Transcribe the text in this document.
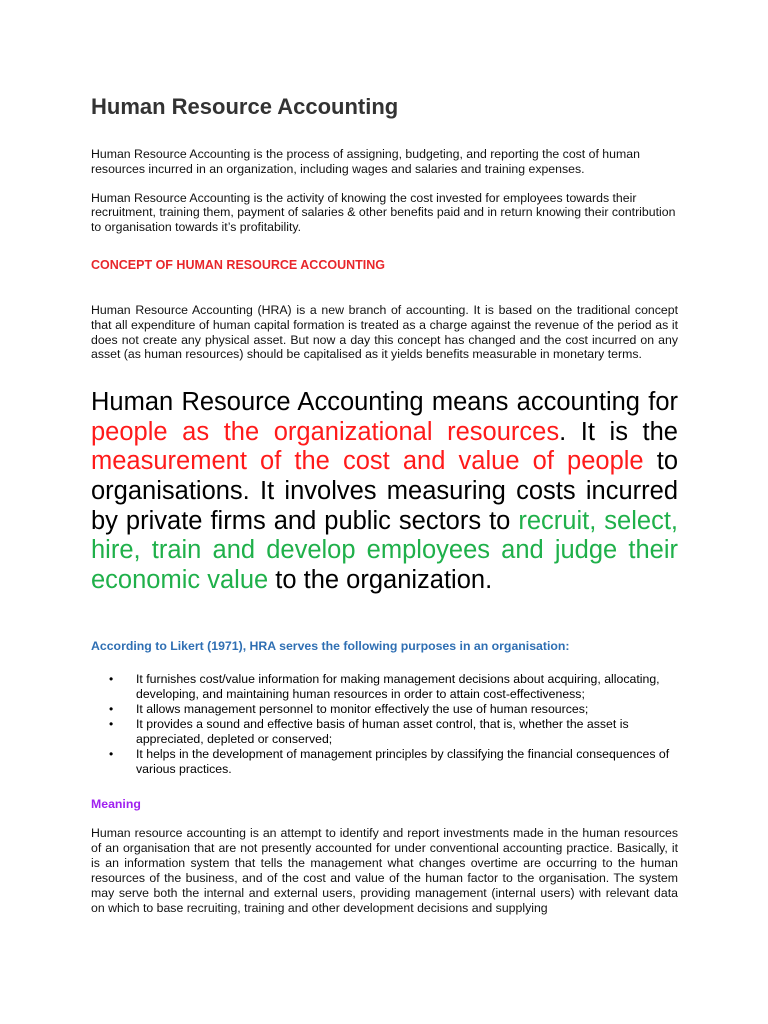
Human Resource Accounting

Human Resource Accounting is the process of assigning, budgeting, and reporting the cost of human resources incurred in an organization, including wages and salaries and training expenses.

Human Resource Accounting is the activity of knowing the cost invested for employees towards their recruitment, training them, payment of salaries & other benefits paid and in return knowing their contribution to organisation towards it’s profitability.

CONCEPT OF HUMAN RESOURCE ACCOUNTING

Human Resource Accounting (HRA) is a new branch of accounting. It is based on the traditional concept that all expenditure of human capital formation is treated as a charge against the revenue of the period as it does not create any physical asset. But now a day this concept has changed and the cost incurred on any asset (as human resources) should be capitalised as it yields benefits measurable in monetary terms.

Human Resource Accounting means accounting for people as the organizational resources. It is the measurement of the cost and value of people to organisations. It involves measuring costs incurred by private firms and public sectors to recruit, select, hire, train and develop employees and judge their economic value to the organization.

According to Likert (1971), HRA serves the following purposes in an organisation:
• It furnishes cost/value information for making management decisions about acquiring, allocating, developing, and maintaining human resources in order to attain cost-effectiveness;
• It allows management personnel to monitor effectively the use of human resources;
• It provides a sound and effective basis of human asset control, that is, whether the asset is appreciated, depleted or conserved;
• It helps in the development of management principles by classifying the financial consequences of various practices.
Meaning

Human resource accounting is an attempt to identify and report investments made in the human resources of an organisation that are not presently accounted for under conventional accounting practice. Basically, it is an information system that tells the management what changes overtime are occurring to the human resources of the business, and of the cost and value of the human factor to the organisation. The system may serve both the internal and external users, providing management (internal users) with relevant data on which to base recruiting, training and other development decisions and supplying
